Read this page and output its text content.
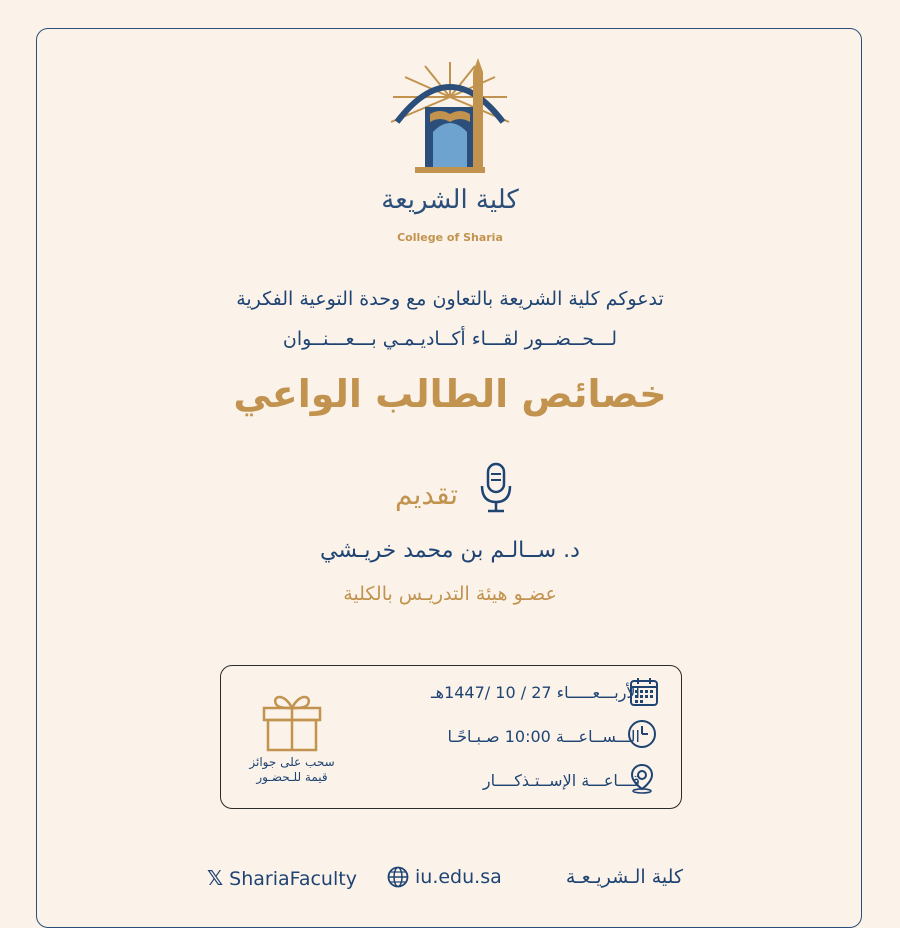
كلية الشريعة
College of Sharia
تدعوكم كلية الشريعة بالتعاون مع وحدة التوعية الفكرية
لـــحــضــور لقـــاء أكــاديـمـي بـــعـــنــوان
خصائص الطالب الواعي
تقديم
د. ســالـم بن محمد خريـشي
عضـو هيئة التدريـس بالكلية
الأربـــعـــــاء 27 / 10 /1447هـ
الـــســاعـــة 10:00 صـبـاحًـا
قـــاعـــة الإســتـذكــــار
سحب على جوائز
قيمة للـحضـور
𝕏 ShariaFaculty	iu.edu.sa	كلية الـشريـعـة
